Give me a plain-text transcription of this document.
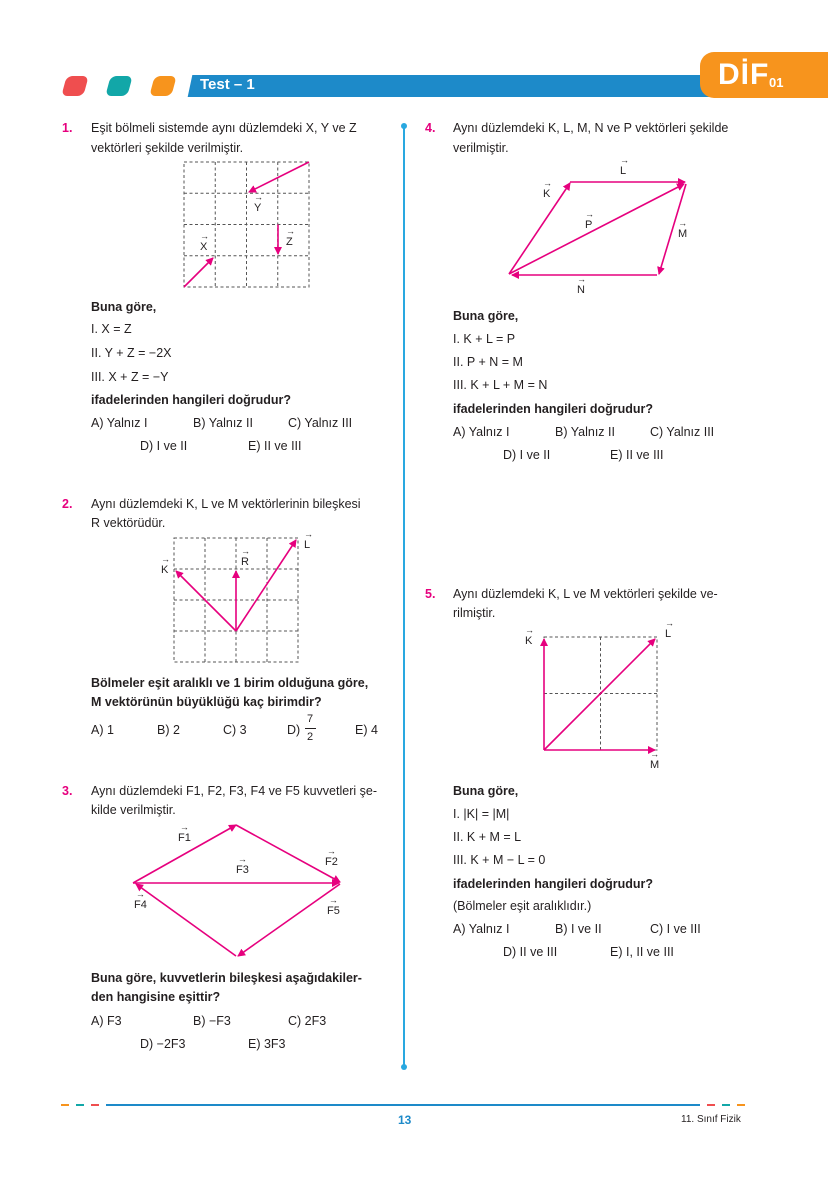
Test – 1	DİF 01
1. Eşit bölmeli sistemde aynı düzlemdeki X, Y ve Z
vektörleri şekilde verilmiştir.
→ X
→ Y
→ Z
Buna göre,
I. X = Z
II. Y + Z = −2X
III. X + Z = −Y
ifadelerinden hangileri doğrudur?
A) Yalnız I	B) Yalnız II	C) Yalnız III
D) I ve II	E) II ve III
2. Aynı düzlemdeki K, L ve M vektörlerinin bileşkesi
R vektörüdür.
→ K
→ R
→ L
Bölmeler eşit aralıklı ve 1 birim olduğuna göre,
M vektörünün büyüklüğü kaç birimdir?
A) 1	B) 2	C) 3	D)
7
2	E) 4
3. Aynı düzlemdeki F1, F2, F3, F4 ve F5 kuvvetleri şe-
kilde verilmiştir.
→ F1
→ F2
→ F3
→ F4
→	F5
Buna göre, kuvvetlerin bileşkesi aşağıdakiler-
den hangisine eşittir?
A) F3	B) −F3	C) 2F3
D) −2F3	E) 3F3
4. Aynı düzlemdeki K, L, M, N ve P vektörleri şekilde
verilmiştir.
→ K
→ L
→ M
→ N
→ P
Buna göre,
I. K + L = P
II. P + N = M
III. K + L + M = N
ifadelerinden hangileri doğrudur?
A) Yalnız I	B) Yalnız II	C) Yalnız III
D) I ve II	E) II ve III
5. Aynı düzlemdeki K, L ve M vektörleri şekilde ve-
rilmiştir.
→ K
→ L
→ M
Buna göre,
I. |K| = |M|
II. K + M = L
III. K + M − L = 0
ifadelerinden hangileri doğrudur?
(Bölmeler eşit aralıklıdır.)
A) Yalnız I	B) I ve II	C) I ve III
D) II ve III	E) I, II ve III
13	11. Sınıf Fizik
